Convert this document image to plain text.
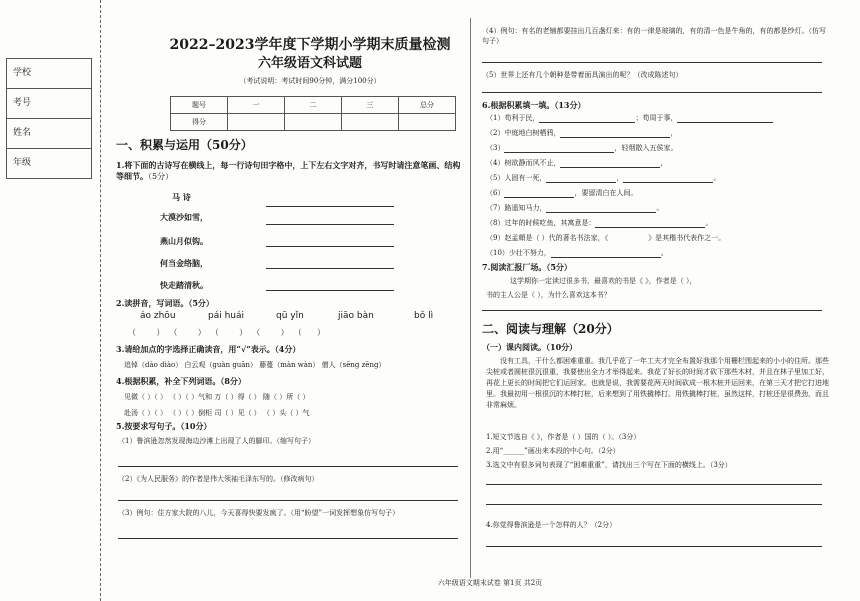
学校
考号
姓名
年级
2022–2023学年度下学期小学期末质量检测
六年级语文科试题
（考试说明：考试时间90分钟，满分100分）
题号	一	二	三	总分
得分				
一、积累与运用（50分）
1.将下面的古诗写在横线上，每一行诗句田字格中，上下左右文字对齐，书写时请注意笔画、结构等细节。（5分）
马 诗
大漠沙如雪，
燕山月似钩。
何当金络脑，
快走踏清秋。
2.读拼音，写词语。（5分）
áo zhōu	pái huái	qū yǐn	jiāo bàn	bǒ lì
（        ）  （        ）  （        ）  （        ）  （      ）
3.请给加点的字选择正确读音，用“√”表示。（4分）
追悼（dào diào） 白云观（guàn guān） 藤蔓（màn wàn） 僧人（sēng zēng）
4.根据积累，补全下列词语。（8分）
见微（ ）（ ） （ ）（ ）气和 万（ ）得（ ） 随（ ）所（ ）
赴汤（ ）（ ） （ ）（ ）倒柜 司（ ）见（ ） （ ）头（ ）气
5.按要求写句子。（10分）
（1）鲁滨逊忽然发现海边沙滩上出现了人的脚印。（缩写句子）
（2）《为人民服务》的作者是伟大领袖毛泽东写的。（修改病句）
（3）例句：住方家大院的八儿，今天喜得快要发疯了。（用“盼望”一词发挥想象仿写句子）
（4）例句：有名的老铺都要挂出几百盏灯来：有的一律是玻璃的，有的清一色是牛角的，有的都是纱灯。（仿写句子）
（5）世界上还有几个朝种是带着面具演出的呢？（改成陈述句）
6.根据积累填一填。（13分）
（1）苟利于民，	；苟周于事，
（2）中庭地白树栖鸦，	，
（3）	，轻烟散入五侯家。
（4）树欲静而风不止，	，
（5）人固有一死，	，	。
（6）	，要留清白在人间。
（7）路遥知马力，	。
（8）过年的时候吃鱼，其寓意是：	。
（9）赵孟頫是（ ）代的著名书法家，《	》是其楷书代表作之一。
（10）少壮不努力，	。
7.阅读汇报厂场。（5分）
这学期你一定读过很多书，最喜欢的书是《 》，作者是（ ），
书的主人公是（ ），为什么喜欢这本书？
二、阅读与理解（20分）
（一）课内阅读。（10分）
没有工具，干什么都困难重重。我几乎花了一年工夫才完全布置好我那个用栅栏围起来的小小的住所。那些尖桩或者圆桩很沉很重，我要使出全力才举得起来。我花了好长的时间才砍下那些木材，并且在林子里加工好，再花上更长的时间把它们运回家。也就是说，我需要花两天时间砍成一根木桩并运回来，在第三天才把它打进地里。我最初用一根很沉的木棒打桩，后来想到了用铁撬棒打。用铁撬棒打桩，虽然这样，打桩还是很费劲，而且非常麻烦。
1.短文节选自《 》，作者是（ ）国的（ ）。（3分）
2.用“______”画出来本段的中心句。（2分）
3.选文中有很多词句表现了“困难重重”，请找出三个写在下面的横线上。（3分）
4.你觉得鲁滨逊是一个怎样的人？（2分）
六年级语文期末试卷 第1页 共2页
